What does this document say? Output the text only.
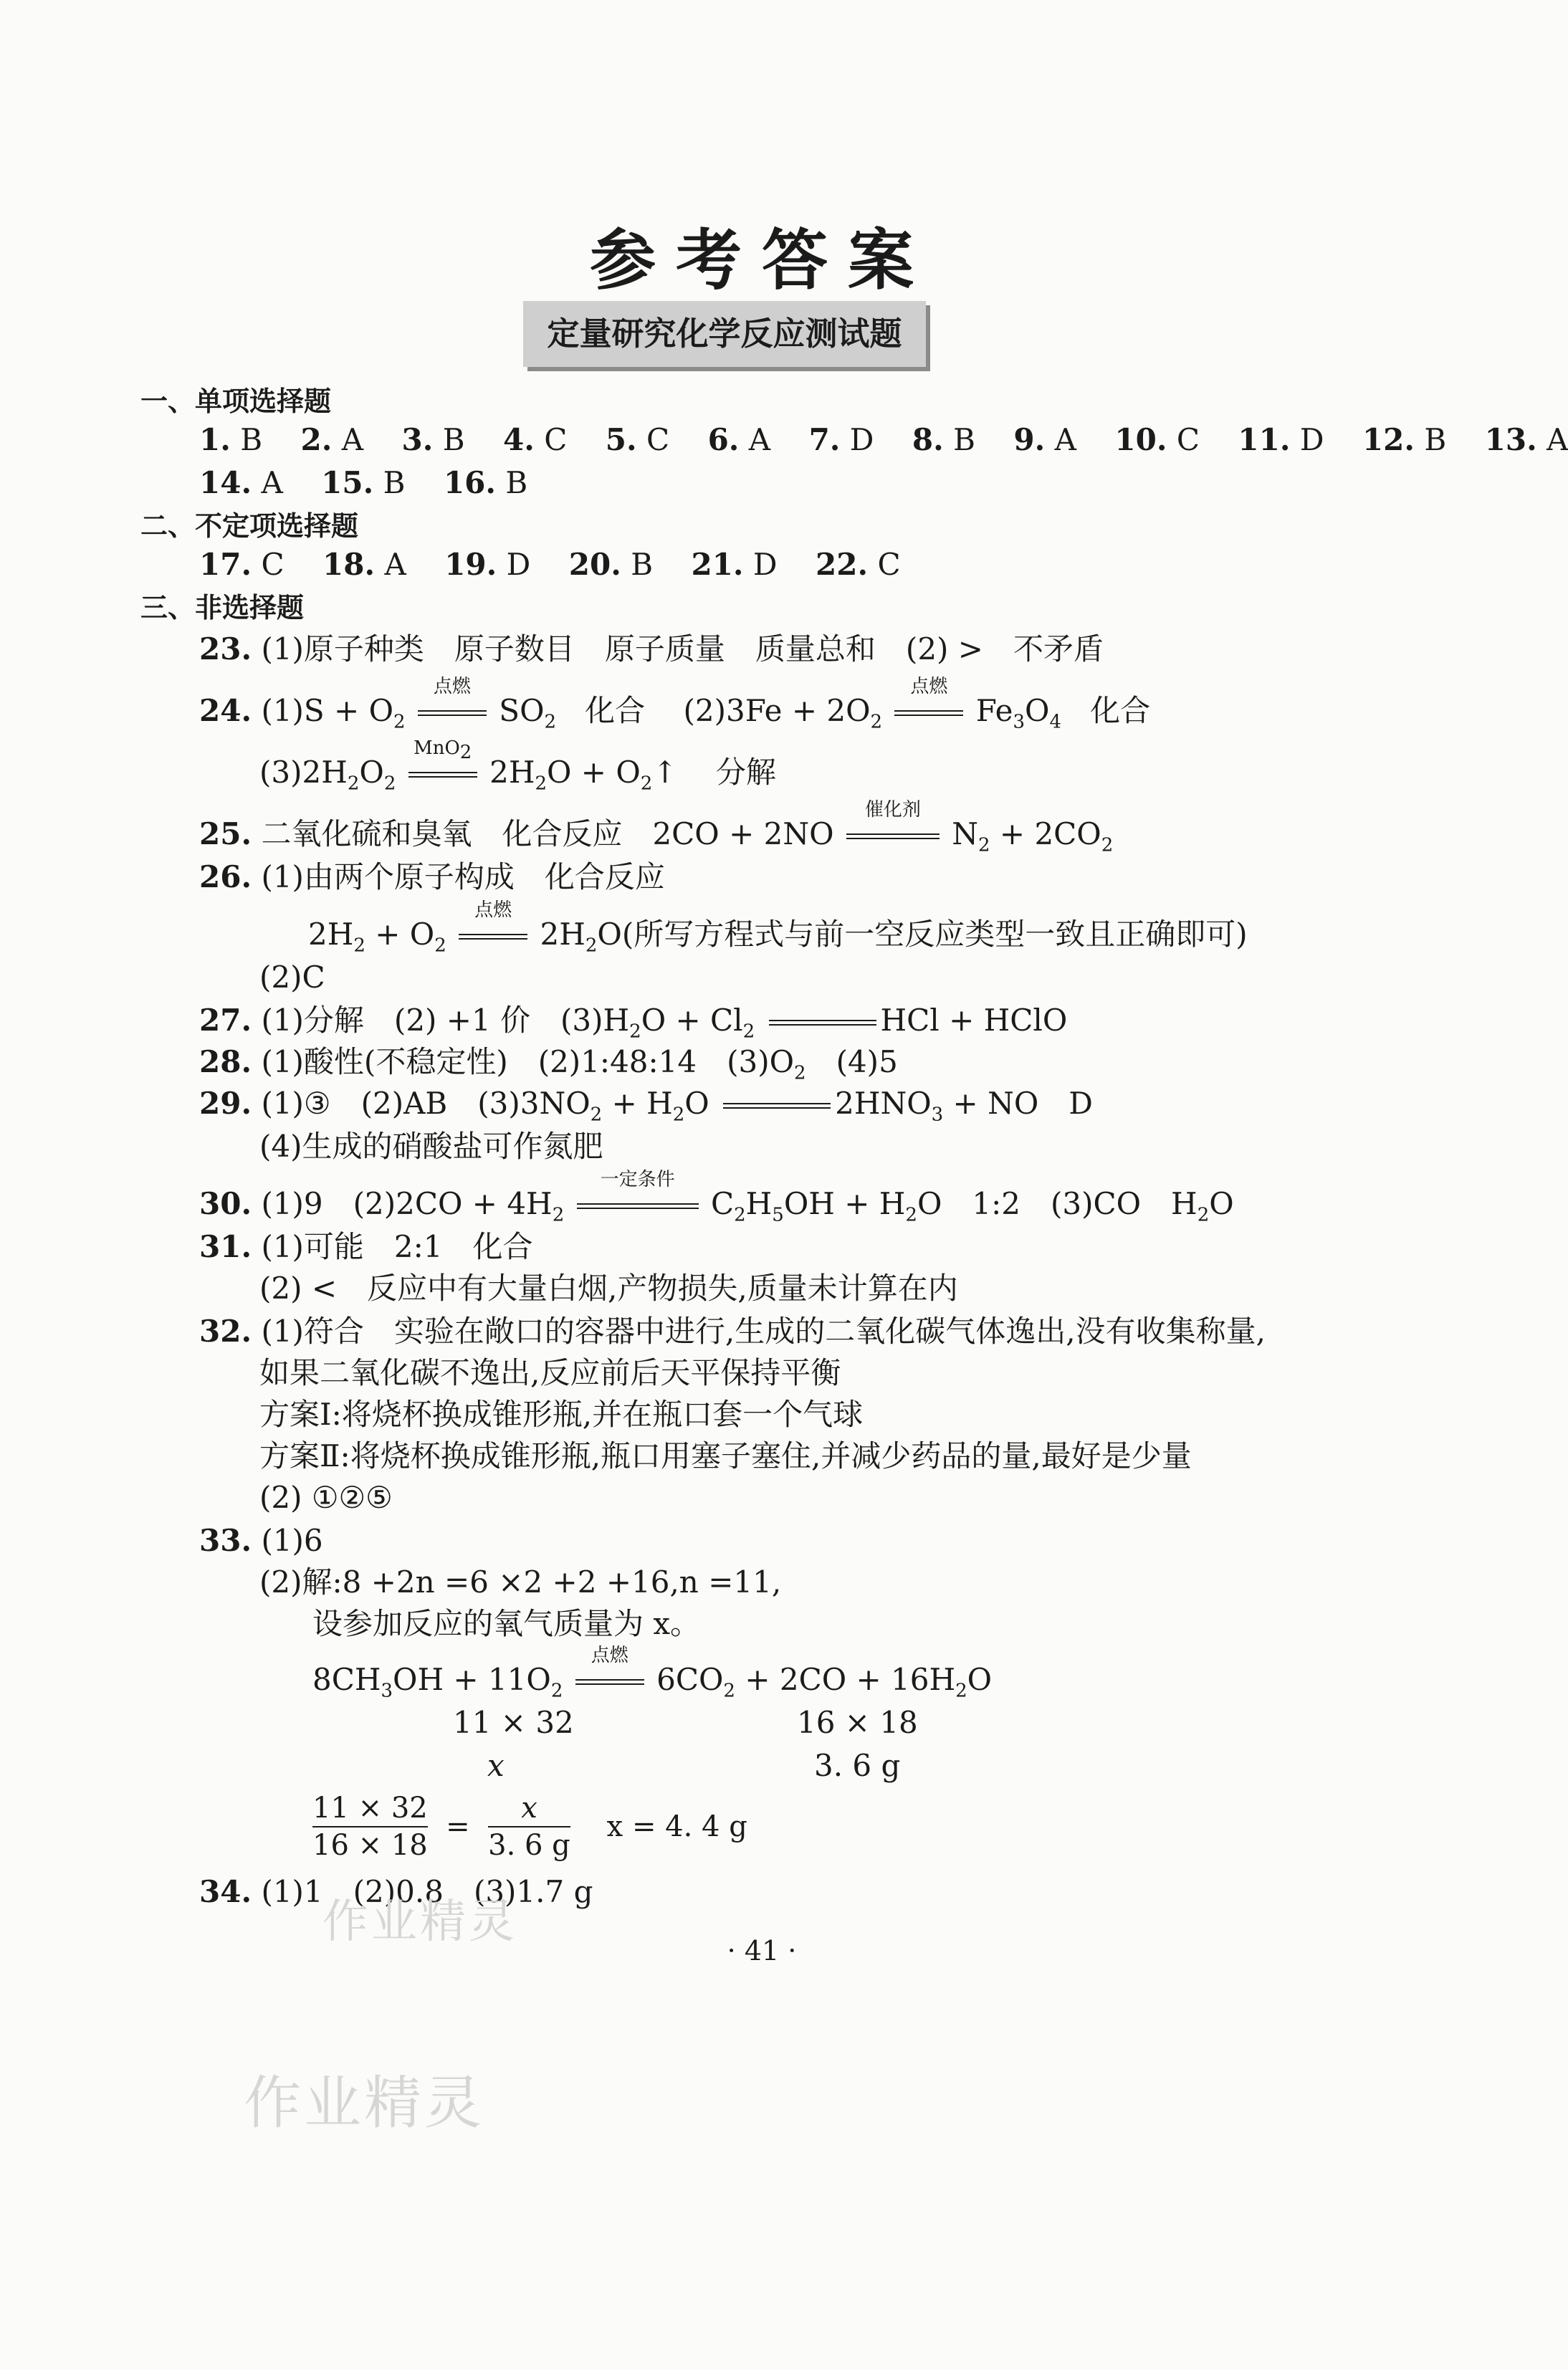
参考答案
定量研究化学反应测试题
一、单项选择题
1. B 2. A 3. B 4. C 5. C 6. A 7. D 8. B 9. A 10. C 11. D 12. B 13. A
14. A 15. B 16. B
二、不定项选择题
17. C 18. A 19. D 20. B 21. D 22. C
三、非选择题
23. (1)原子种类　原子数目　原子质量　质量总和　(2) >　不矛盾
24. $(1)S + O_2$
点燃
$SO_2$ 化合 $(2)3Fe + 2O_2$
点燃
$Fe_3O_4$ 化合
$(3)2H_2O_2$
MnO$_2$
$2H_2O$ + $O_2↑$ 分解
25. 二氧化硫和臭氧　化合反应　2CO + 2NO
催化剂
$N_2 + 2CO_2$
26. (1)由两个原子构成　化合反应
$2H_2 + O_2$
点燃
$2H_2O$(所写方程式与前一空反应类型一致且正确即可)
(2)C
27. (1)分解　(2) +1 价　$(3)H_2O + Cl_2$	HCl + HClO
28. (1)酸性(不稳定性)　(2)1:48:14　$(3)O_2$　(4)5
29. (1)③　(2)AB　$(3)3NO_2 + H_2O$	$2HNO_3$ + NO　D
(4)生成的硝酸盐可作氮肥
30. (1)9　$(2)2CO + 4H_2$
一定条件
$C_2H_5OH + H_2O$　1:2　(3)CO　$H_2O$
31. (1)可能　2:1　化合
(2) <　反应中有大量白烟,产物损失,质量未计算在内
32. (1)符合　实验在敞口的容器中进行,生成的二氧化碳气体逸出,没有收集称量,
如果二氧化碳不逸出,反应前后天平保持平衡
方案Ⅰ:将烧杯换成锥形瓶,并在瓶口套一个气球
方案Ⅱ:将烧杯换成锥形瓶,瓶口用塞子塞住,并减少药品的量,最好是少量
(2) ①②⑤
33. (1)6
(2)解:8 +2n =6 ×2 +2 +16,n =11,
设参加反应的氧气质量为 x。
$8CH_3OH + 11O_2$
点燃
$6CO_2 + 2CO + 16H_2O$
11 × 32	16 × 18
x	3. 6 g
$\frac{11 \times 32}{16 \times 18} = \frac{x}{3. 6 g}$ x = 4. 4 g
34. (1)1　(2)0.8　(3)1.7 g
作业精灵
作业精灵
· 41 ·
